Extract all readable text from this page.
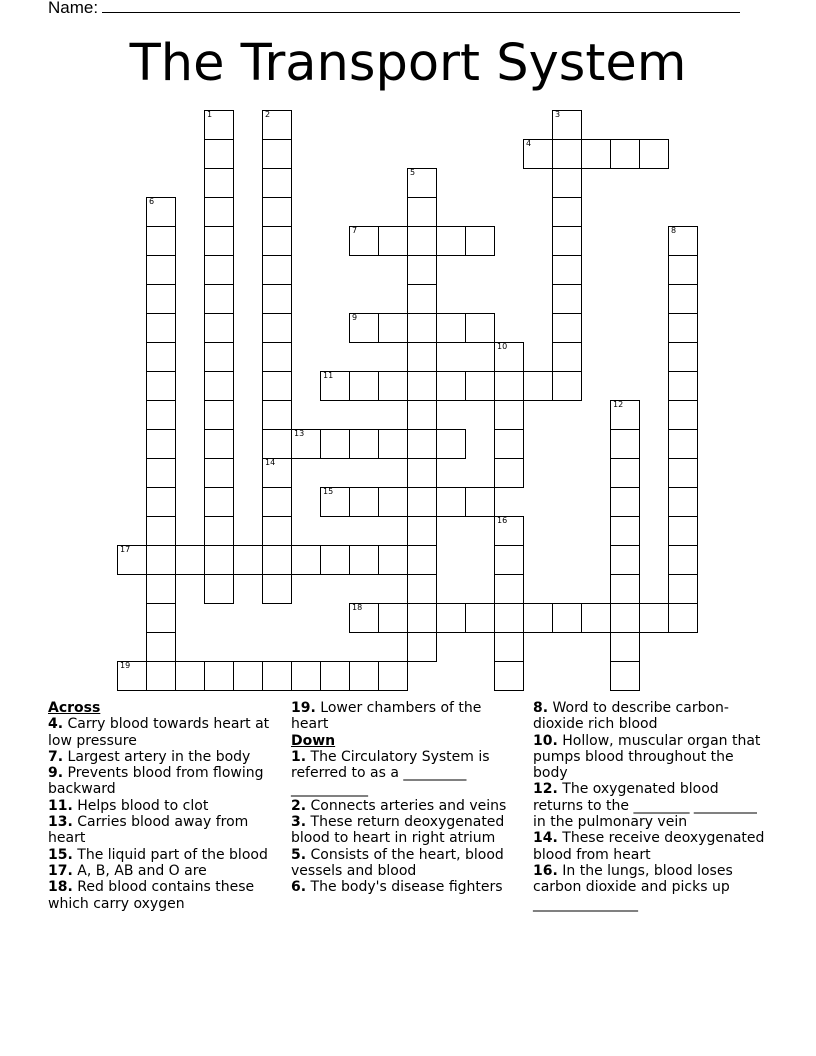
Name:
The Transport System
1	2
14
3
4
5
6
7	8
9
10
11
12
13
15
16
17
18
19

Across

4. Carry blood towards heart at low pressure

7. Largest artery in the body

9. Prevents blood from flowing backward

11. Helps blood to clot

13. Carries blood away from heart

15. The liquid part of the blood

17. A, B, AB and O are

18. Red blood contains these which carry oxygen

19. Lower chambers of the heart

Down

1. The Circulatory System is referred to as a _________ ___________

2. Connects arteries and veins

3. These return deoxygenated blood to heart in right atrium

5. Consists of the heart, blood vessels and blood

6. The body's disease fighters

8. Word to describe carbon-dioxide rich blood

10. Hollow, muscular organ that pumps blood throughout the body

12. The oxygenated blood returns to the ________ _________ in the pulmonary vein

14. These receive deoxygenated blood from heart

16. In the lungs, blood loses carbon dioxide and picks up _______________
